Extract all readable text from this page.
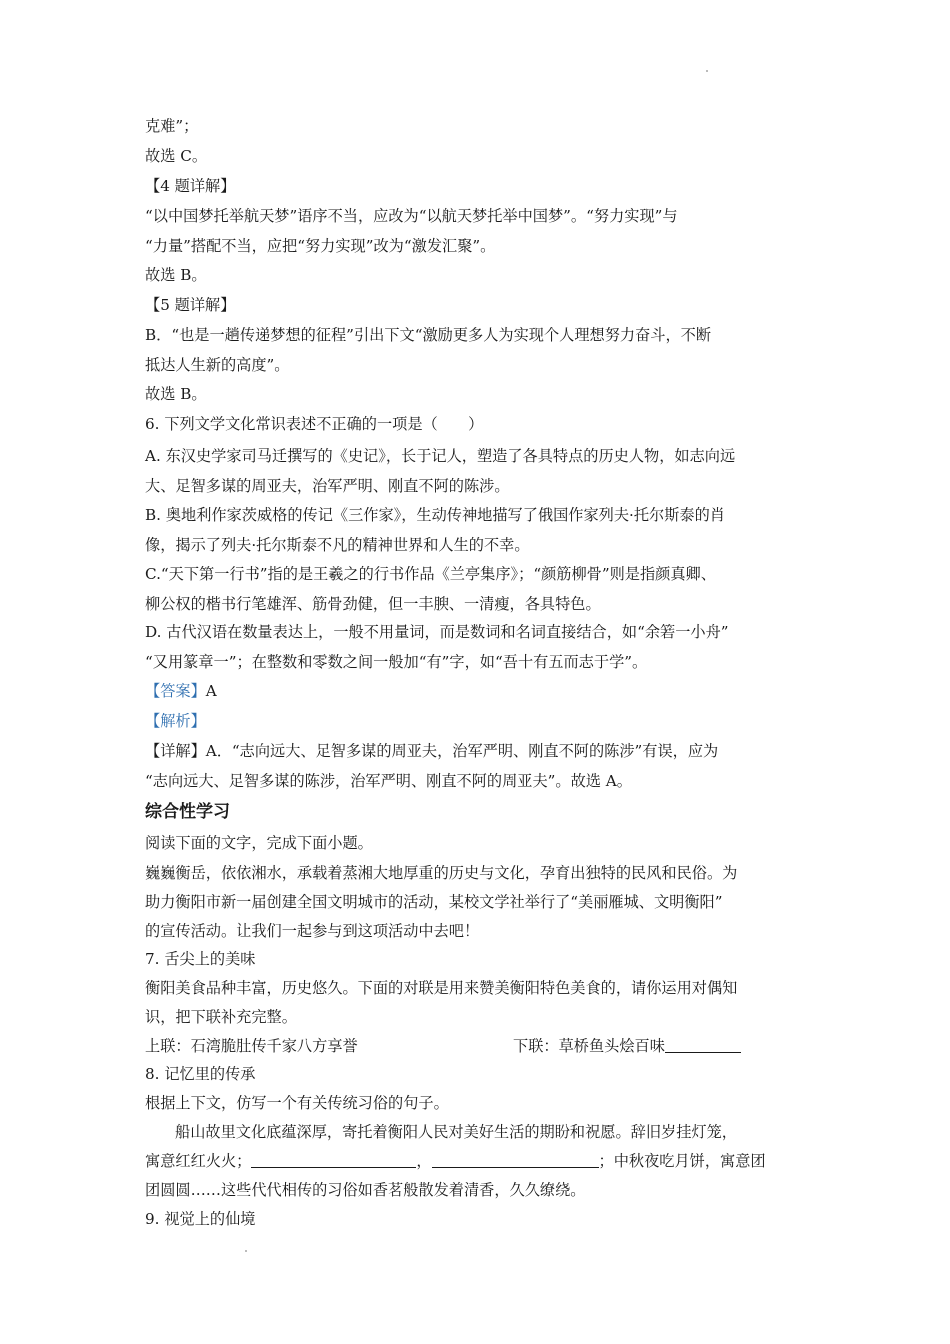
克难”；
故选 C。
【4 题详解】
“以中国梦托举航天梦”语序不当，应改为“以航天梦托举中国梦”。“努力实现”与
“力量”搭配不当，应把“努力实现”改为“激发汇聚”。
故选 B。
【5 题详解】
B．“也是一趟传递梦想的征程”引出下文“激励更多人为实现个人理想努力奋斗，不断
抵达人生新的高度”。
故选 B。
6. 下列文学文化常识表述不正确的一项是（　　）
A. 东汉史学家司马迁撰写的《史记》，长于记人，塑造了各具特点的历史人物，如志向远
大、足智多谋的周亚夫，治军严明、刚直不阿的陈涉。
B. 奥地利作家茨威格的传记《三作家》，生动传神地描写了俄国作家列夫·托尔斯泰的肖
像，揭示了列夫·托尔斯泰不凡的精神世界和人生的不幸。
C.“天下第一行书”指的是王羲之的行书作品《兰亭集序》；“颜筋柳骨”则是指颜真卿、
柳公权的楷书行笔雄浑、筋骨劲健，但一丰腴、一清瘦，各具特色。
D. 古代汉语在数量表达上，一般不用量词，而是数词和名词直接结合，如“余箬一小舟”
“又用篆章一”；在整数和零数之间一般加“有”字，如“吾十有五而志于学”。
【答案】A
【解析】
【详解】A．“志向远大、足智多谋的周亚夫，治军严明、刚直不阿的陈涉”有误，应为
“志向远大、足智多谋的陈涉，治军严明、刚直不阿的周亚夫”。故选 A。
综合性学习
阅读下面的文字，完成下面小题。
巍巍衡岳，依依湘水，承载着蒸湘大地厚重的历史与文化，孕育出独特的民风和民俗。为
助力衡阳市新一届创建全国文明城市的活动，某校文学社举行了“美丽雁城、文明衡阳”
的宣传活动。让我们一起参与到这项活动中去吧！
7. 舌尖上的美味
衡阳美食品种丰富，历史悠久。下面的对联是用来赞美衡阳特色美食的，请你运用对偶知
识，把下联补充完整。
上联：石湾脆肚传千家八方享誉	下联：草桥鱼头烩百味
8. 记忆里的传承
根据上下文，仿写一个有关传统习俗的句子。
船山故里文化底蕴深厚，寄托着衡阳人民对美好生活的期盼和祝愿。辞旧岁挂灯笼，
寓意红红火火；	，	；中秋夜吃月饼，寓意团
团圆圆……这些代代相传的习俗如香茗般散发着清香，久久缭绕。
9. 视觉上的仙境
